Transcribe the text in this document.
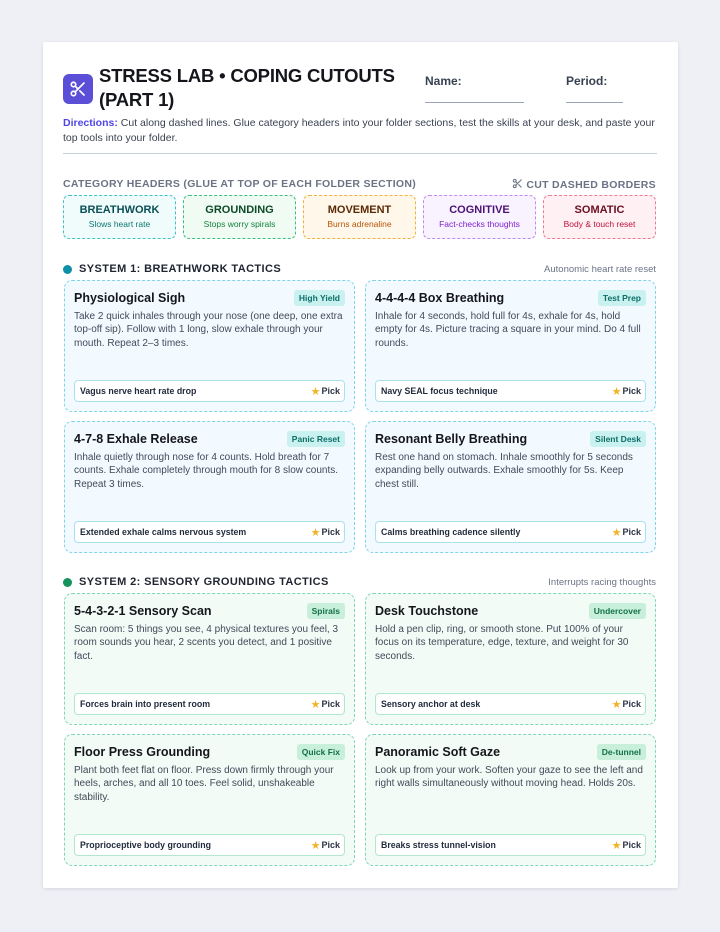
STRESS LAB • COPING CUTOUTS (PART 1)
Name:	Period:
Directions: Cut along dashed lines. Glue category headers into your folder sections, test the skills at your desk, and paste your top tools into your folder.
CATEGORY HEADERS (GLUE AT TOP OF EACH FOLDER SECTION)	CUT DASHED BORDERS
BREATHWORK
Slows heart rate
GROUNDING
Stops worry spirals
MOVEMENT
Burns adrenaline
COGNITIVE
Fact-checks thoughts
SOMATIC
Body & touch reset
SYSTEM 1: BREATHWORK TACTICS	Autonomic heart rate reset
Physiological Sigh	High Yield
Take 2 quick inhales through your nose (one deep, one extra top-off sip). Follow with 1 long, slow exhale through your mouth. Repeat 2–3 times.
Vagus nerve heart rate drop	★ Pick
4-4-4-4 Box Breathing	Test Prep
Inhale for 4 seconds, hold full for 4s, exhale for 4s, hold empty for 4s. Picture tracing a square in your mind. Do 4 full rounds.
Navy SEAL focus technique	★ Pick
4-7-8 Exhale Release	Panic Reset
Inhale quietly through nose for 4 counts. Hold breath for 7 counts. Exhale completely through mouth for 8 slow counts. Repeat 3 times.
Extended exhale calms nervous system	★ Pick
Resonant Belly Breathing	Silent Desk
Rest one hand on stomach. Inhale smoothly for 5 seconds expanding belly outwards. Exhale smoothly for 5s. Keep chest still.
Calms breathing cadence silently	★ Pick
SYSTEM 2: SENSORY GROUNDING TACTICS	Interrupts racing thoughts
5-4-3-2-1 Sensory Scan	Spirals
Scan room: 5 things you see, 4 physical textures you feel, 3 room sounds you hear, 2 scents you detect, and 1 positive fact.
Forces brain into present room	★ Pick
Desk Touchstone	Undercover
Hold a pen clip, ring, or smooth stone. Put 100% of your focus on its temperature, edge, texture, and weight for 30 seconds.
Sensory anchor at desk	★ Pick
Floor Press Grounding	Quick Fix
Plant both feet flat on floor. Press down firmly through your heels, arches, and all 10 toes. Feel solid, unshakeable stability.
Proprioceptive body grounding	★ Pick
Panoramic Soft Gaze	De-tunnel
Look up from your work. Soften your gaze to see the left and right walls simultaneously without moving head. Holds 20s.
Breaks stress tunnel-vision	★ Pick
